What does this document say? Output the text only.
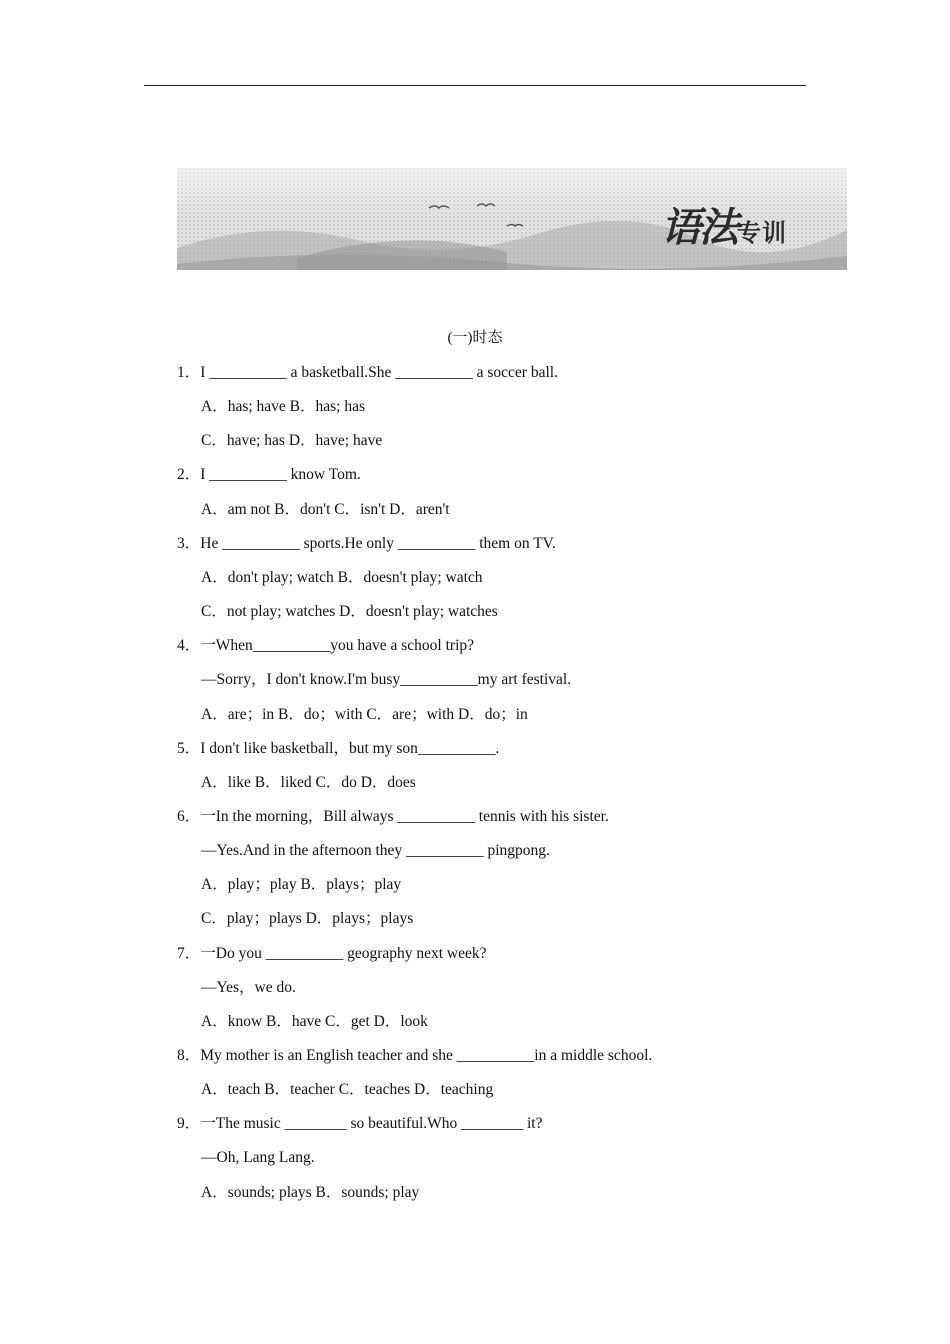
语法专训
(一)时态
1．I __________ a basketball.She __________ a soccer ball.
A．has; have B．has; has
C．have; has D．have; have
2．I __________ know Tom.
A．am not B．don't C．isn't D．aren't
3．He __________ sports.He only __________ them on TV.
A．don't play; watch B．doesn't play; watch
C．not play; watches D．doesn't play; watches
4．一When__________you have a school trip?
—Sorry，I don't know.I'm busy__________my art festival.
A．are；in B．do；with C．are；with D．do；in
5．I don't like basketball，but my son__________.
A．like B．liked C．do D．does
6．一In the morning，Bill always __________ tennis with his sister.
—Yes.And in the afternoon they __________ pingpong.
A．play；play B．plays；play
C．play；plays D．plays；plays
7．一Do you __________ geography next week?
—Yes，we do.
A．know B．have C．get D．look
8．My mother is an English teacher and she __________in a middle school.
A．teach B．teacher C．teaches D．teaching
9．一The music ________ so beautiful.Who ________ it?
—Oh, Lang Lang.
A．sounds; plays B．sounds; play
